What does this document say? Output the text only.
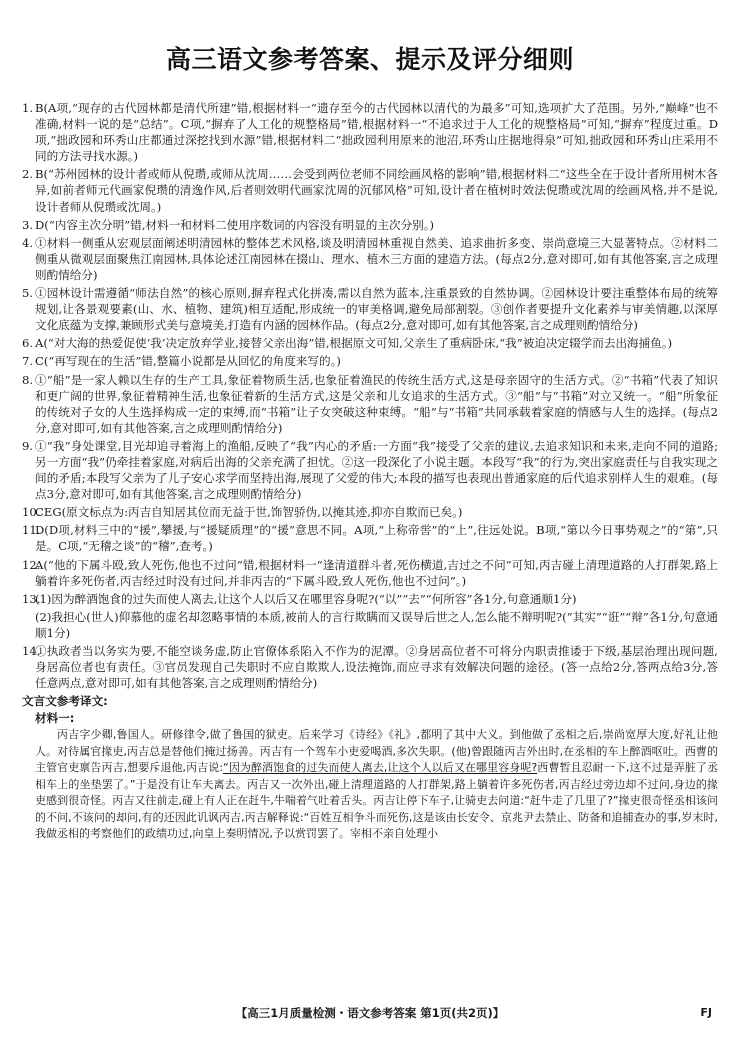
高三语文参考答案、提示及评分细则
1. B(A项,“现存的古代园林都是清代所建”错,根据材料一“遗存至今的古代园林以清代的为最多”可知,选项扩大了范围。另外,“巅峰”也不准确,材料一说的是“总结”。C项,“摒弃了人工化的规整格局”错,根据材料一“不追求过于人工化的规整格局”可知,“摒弃”程度过重。D项,“拙政园和环秀山庄都通过深挖找到水源”错,根据材料二“拙政园利用原来的池沼,环秀山庄据地得泉”可知,拙政园和环秀山庄采用不同的方法寻找水源。)
2. B(“苏州园林的设计者或师从倪瓒,或师从沈周……会受到两位老师不同绘画风格的影响”错,根据材料二“这些全在于设计者所用树木各异,如前者师元代画家倪瓒的清逸作风,后者则效明代画家沈周的沉郁风格”可知,设计者在植树时效法倪瓒或沈周的绘画风格,并不是说,设计者师从倪瓒或沈周。)
3. D(“内容主次分明”错,材料一和材料二使用序数词的内容没有明显的主次分别。)
4. ①材料一侧重从宏观层面阐述明清园林的整体艺术风格,谈及明清园林重视自然美、追求曲折多变、崇尚意境三大显著特点。②材料二侧重从微观层面聚焦江南园林,具体论述江南园林在掇山、理水、植木三方面的建造方法。(每点2分,意对即可,如有其他答案,言之成理则酌情给分)
5. ①园林设计需遵循“师法自然”的核心原则,摒弃程式化拼凑,需以自然为蓝本,注重景致的自然协调。②园林设计要注重整体布局的统筹规划,让各景观要素(山、水、植物、建筑)相互适配,形成统一的审美格调,避免局部割裂。③创作者要提升文化素养与审美情趣,以深厚文化底蕴为支撑,兼顾形式美与意境美,打造有内涵的园林作品。(每点2分,意对即可,如有其他答案,言之成理则酌情给分)
6. A(“对大海的热爱促使‘我’决定放弃学业,接替父亲出海”错,根据原文可知,父亲生了重病卧床,“我”被迫决定辍学而去出海捕鱼。)
7. C(“再写现在的生活”错,整篇小说都是从回忆的角度来写的。)
8. ①“船”是一家人赖以生存的生产工具,象征着物质生活,也象征着渔民的传统生活方式,这是母亲固守的生活方式。②“书箱”代表了知识和更广阔的世界,象征着精神生活,也象征着新的生活方式,这是父亲和儿女追求的生活方式。③“船”与“书箱”对立又统一。“船”所象征的传统对子女的人生选择构成一定的束缚,而“书箱”让子女突破这种束缚。“船”与“书箱”共同承载着家庭的情感与人生的选择。(每点2分,意对即可,如有其他答案,言之成理则酌情给分)
9. ①“我”身处课堂,目光却追寻着海上的渔船,反映了“我”内心的矛盾:一方面“我”接受了父亲的建议,去追求知识和未来,走向不同的道路;另一方面“我”仍牵挂着家庭,对病后出海的父亲充满了担忧。②这一段深化了小说主题。本段写“我”的行为,突出家庭责任与自我实现之间的矛盾;本段写父亲为了儿子安心求学而坚持出海,展现了父爱的伟大;本段的描写也表现出普通家庭的后代追求别样人生的艰难。(每点3分,意对即可,如有其他答案,言之成理则酌情给分)
10.
CEG(原文标点为:丙吉自知居其位而无益于世,饰智骄伪,以掩其迹,抑亦自欺而已矣。)
11.
D(D项,材料三中的“援”,攀援,与“援疑质理”的“援”意思不同。A项,“上称帝喾”的“上”,往远处说。B项,“第以今日事势观之”的“第”,只是。C项,“无稽之谈”的“稽”,查考。)
12.
A(“他的下属斗殴,致人死伤,他也不过问”错,根据材料一“逢清道群斗者,死伤横道,吉过之不问”可知,丙吉碰上清理道路的人打群架,路上躺着许多死伤者,丙吉经过时没有过问,并非丙吉的“下属斗殴,致人死伤,他也不过问”。)
13.
(1)因为醉酒饱食的过失而使人离去,让这个人以后又在哪里容身呢?(“以”“去”“何所容”各1分,句意通顺1分)
(2)我担心(世人)仰慕他的虚名却忽略事情的本质,被前人的言行欺瞒而又误导后世之人,怎么能不辩明呢?(“其实”“诳”“辩”各1分,句意通顺1分)
14.
①执政者当以务实为要,不能空谈务虚,防止官僚体系陷入不作为的泥潭。②身居高位者不可将分内职责推诿于下级,基层治理出现问题,身居高位者也有责任。③官员发现自己失职时不应自欺欺人,设法掩饰,而应寻求有效解决问题的途径。(答一点给2分,答两点给3分,答任意两点,意对即可,如有其他答案,言之成理则酌情给分)
文言文参考译文:
材料一:

丙吉字少卿,鲁国人。研修律令,做了鲁国的狱吏。后来学习《诗经》《礼》,都明了其中大义。到他做了丞相之后,崇尚宽厚大度,好礼让他人。对待属官掾吏,丙吉总是替他们掩过扬善。丙吉有一个驾车小吏爱喝酒,多次失职。(他)曾跟随丙吉外出时,在丞相的车上醉酒呕吐。西曹的主管官吏禀告丙吉,想要斥退他,丙吉说:“因为醉酒饱食的过失而使人离去,让这个人以后又在哪里容身呢?西曹暂且忍耐一下,这不过是弄脏了丞相车上的坐垫罢了。”于是没有让车夫离去。丙吉又一次外出,碰上清理道路的人打群架,路上躺着许多死伤者,丙吉经过旁边却不过问,身边的掾吏感到很奇怪。丙吉又往前走,碰上有人正在赶牛,牛喘着气吐着舌头。丙吉让停下车子,让骑吏去问道:“赶牛走了几里了?”掾吏很奇怪丞相该问的不问,不该问的却问,有的还因此讥讽丙吉,丙吉解释说:“百姓互相争斗而死伤,这是该由长安令、京兆尹去禁止、防备和追捕查办的事,岁末时,我做丞相的考察他们的政绩功过,向皇上奏明情况,予以赏罚罢了。宰相不亲自处理小

【高三1月质量检测・语文参考答案 第1页(共2页)】	FJ
